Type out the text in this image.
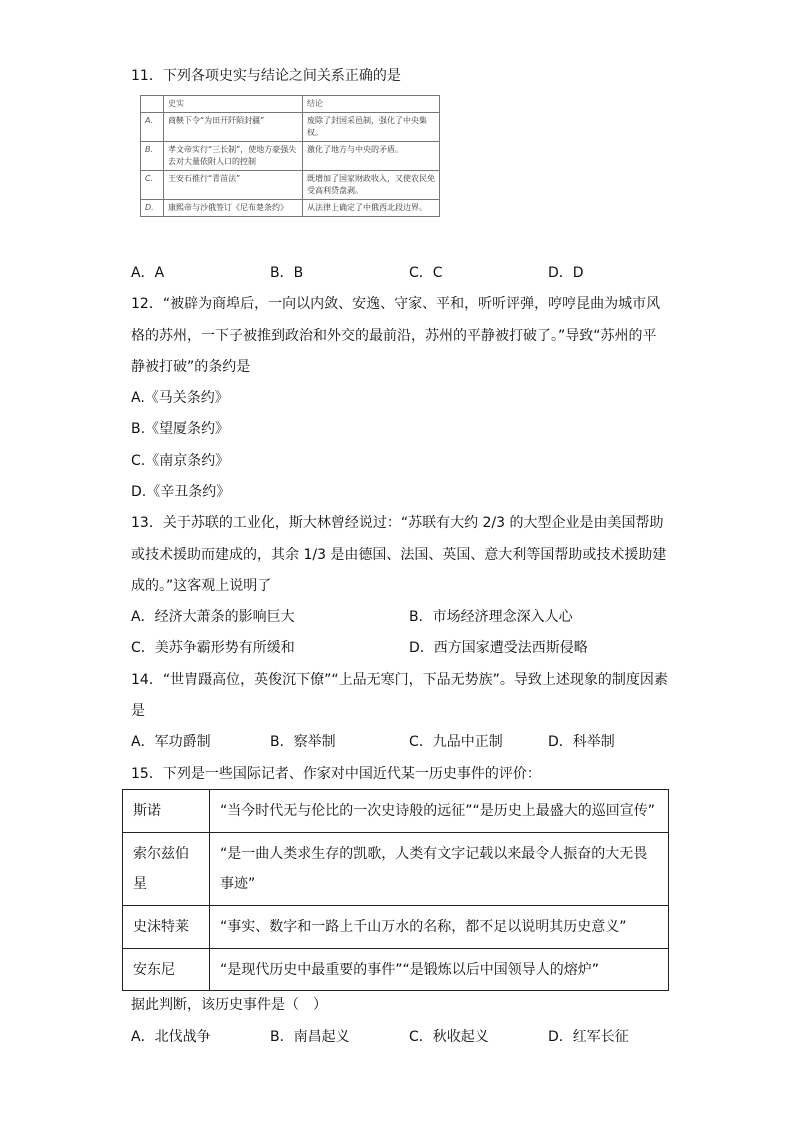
11．下列各项史实与结论之间关系正确的是
	史实	结论
A.	商鞅下令“为田开阡陌封疆”	废除了封国采邑制，强化了中央集权。
B.	孝文帝实行“三长制”，使地方豪强失去对大量依附人口的控制	激化了地方与中央的矛盾。
C.	王安石推行“青苗法”	既增加了国家财政收入，又使农民免受高利贷盘剥。
D.	康熙帝与沙俄签订《尼布楚条约》	从法律上确定了中俄西北段边界。
A．A	B．B	C．C	D．D
12．“被辟为商埠后，一向以内敛、安逸、守家、平和，听听评弹，哼哼昆曲为城市风
格的苏州，一下子被推到政治和外交的最前沿，苏州的平静被打破了。”导致“苏州的平
静被打破”的条约是
A.《马关条约》
B.《望厦条约》
C.《南京条约》
D.《辛丑条约》
13．关于苏联的工业化，斯大林曾经说过：“苏联有大约 2/3 的大型企业是由美国帮助
或技术援助而建成的，其余 1/3 是由德国、法国、英国、意大利等国帮助或技术援助建
成的。”这客观上说明了
A．经济大萧条的影响巨大	B．市场经济理念深入人心
C．美苏争霸形势有所缓和	D．西方国家遭受法西斯侵略
14．“世胄蹑高位，英俊沉下僚”“上品无寒门，下品无势族”。导致上述现象的制度因素
是
A．军功爵制	B．察举制	C．九品中正制	D．科举制
15．下列是一些国际记者、作家对中国近代某一历史事件的评价：
斯诺	“当今时代无与伦比的一次史诗般的远征”“是历史上最盛大的巡回宣传”
索尔兹伯星	“是一曲人类求生存的凯歌，人类有文字记载以来最令人振奋的大无畏事迹”
史沫特莱	“事实、数字和一路上千山万水的名称，都不足以说明其历史意义”
安东尼	“是现代历史中最重要的事件”“是锻炼以后中国领导人的熔炉”
据此判断，该历史事件是（　）
A．北伐战争	B．南昌起义	C．秋收起义	D．红军长征
